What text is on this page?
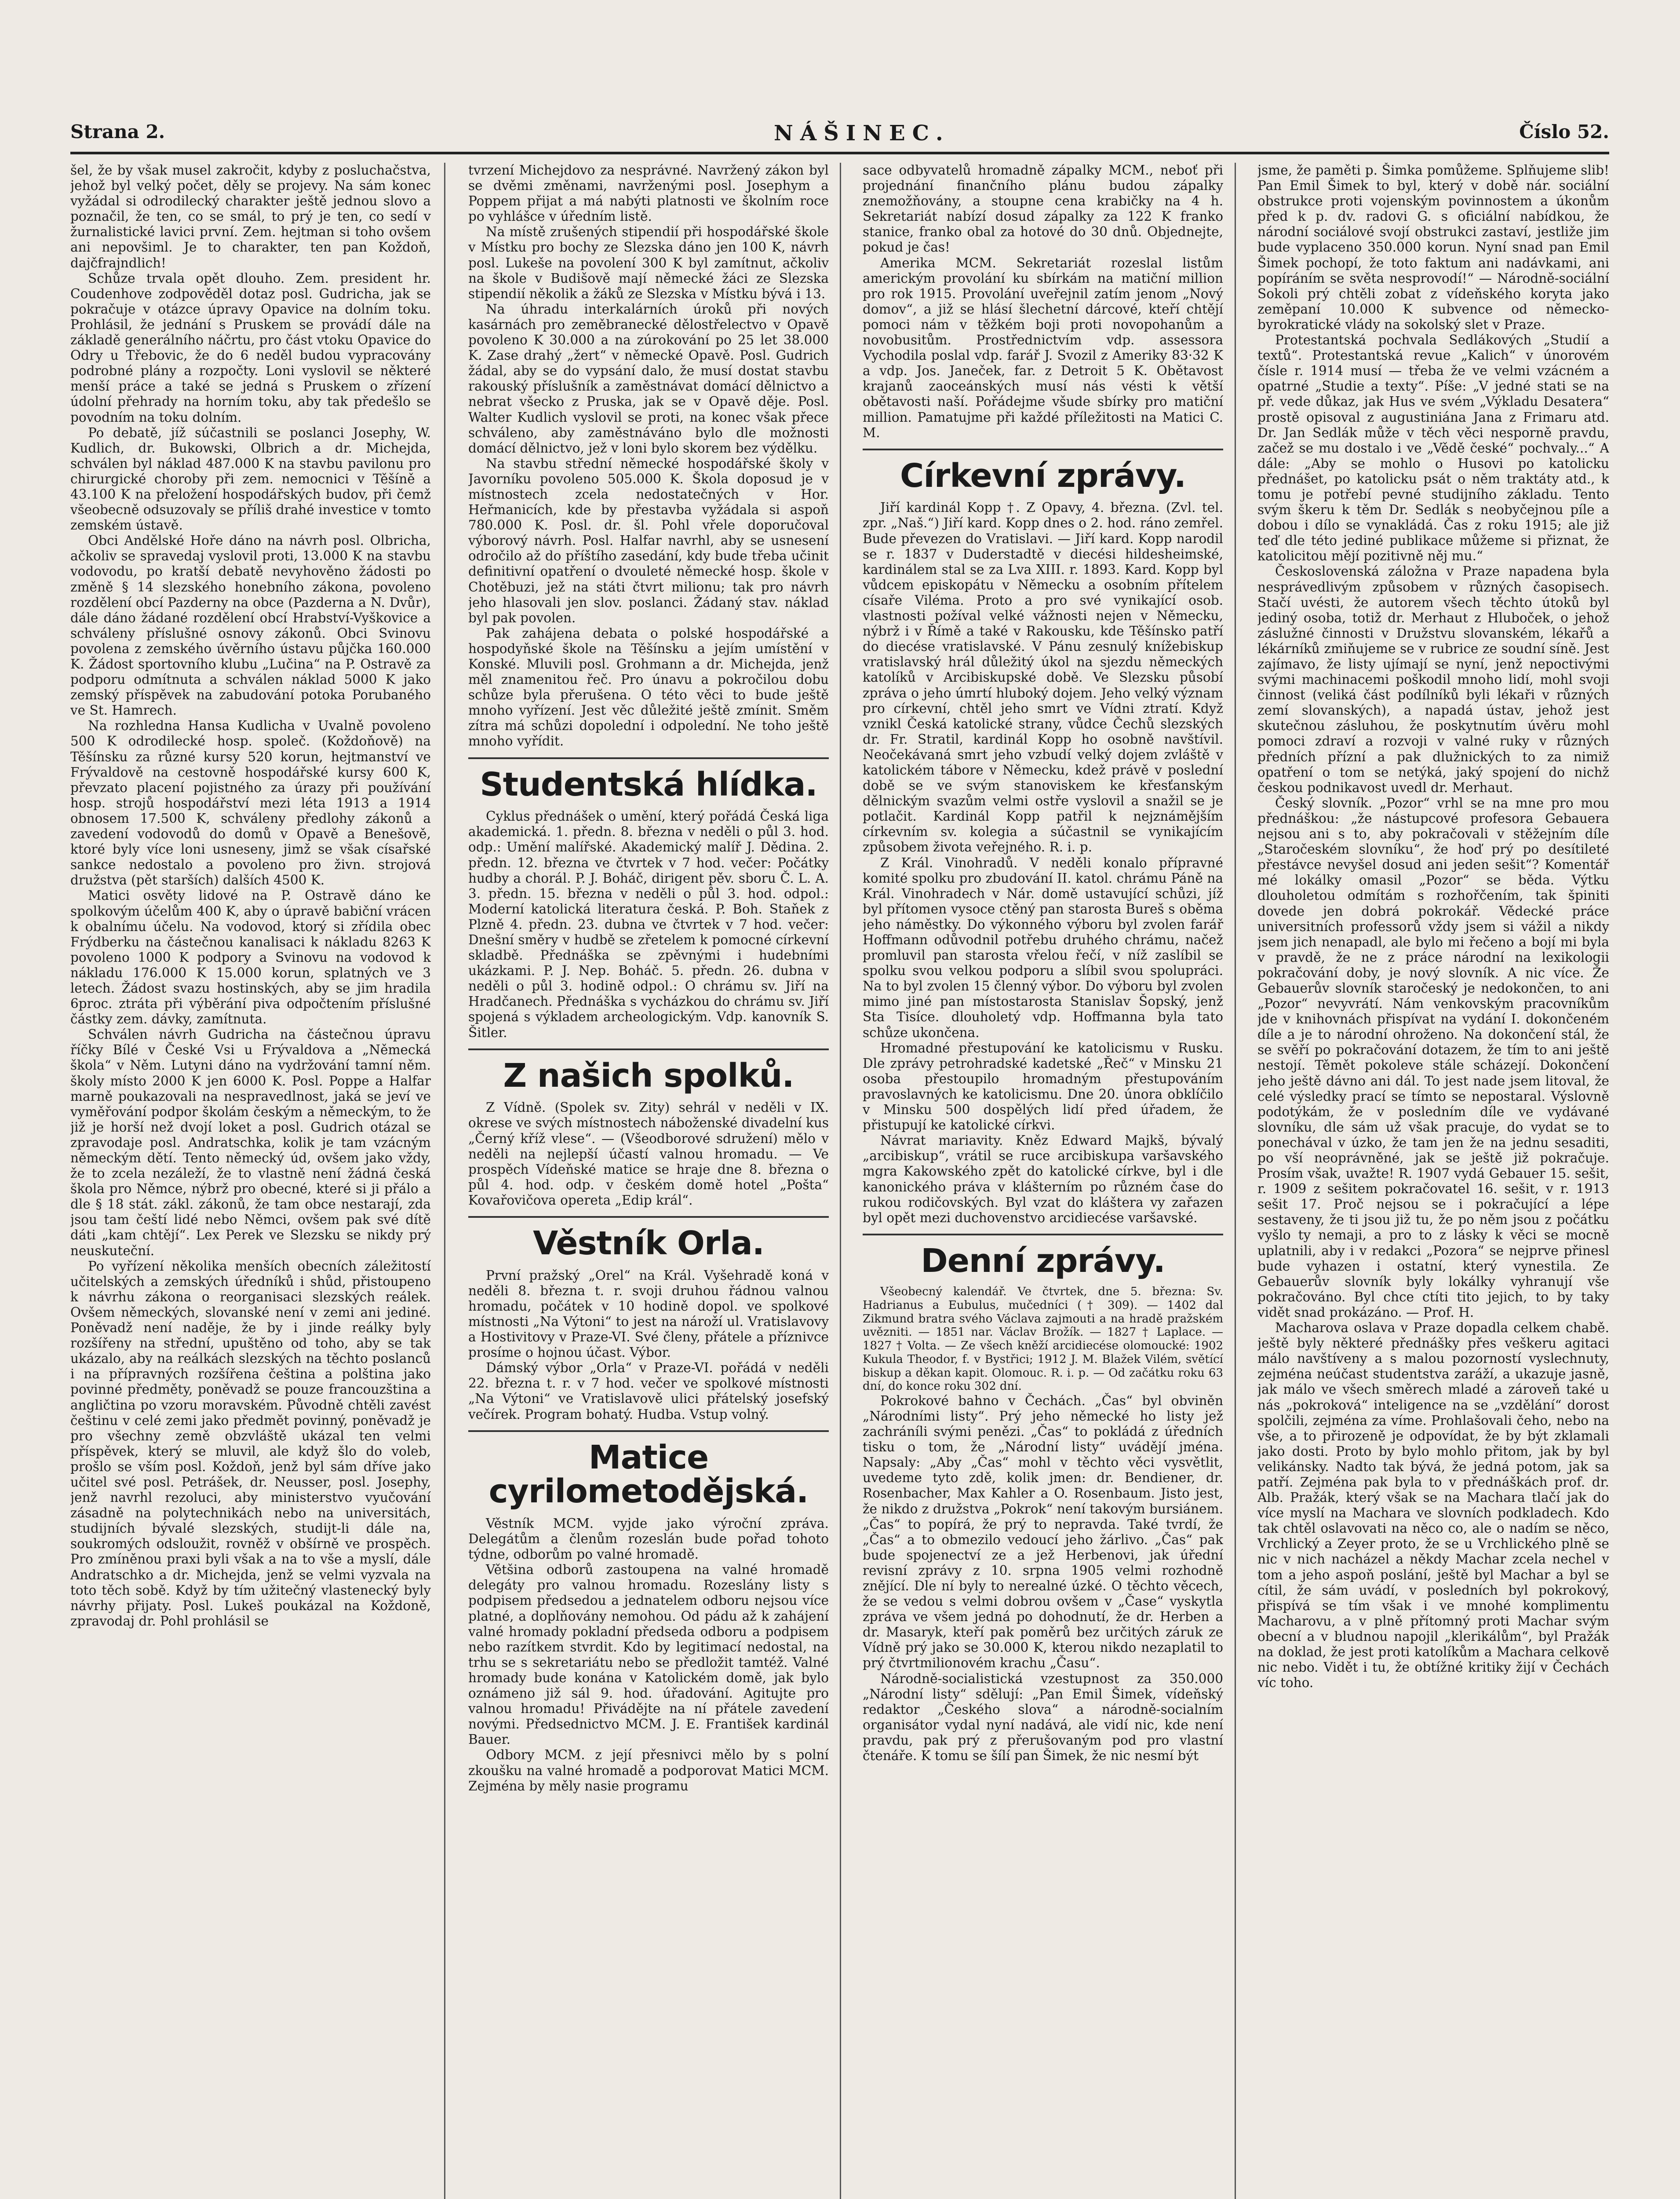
Strana 2.	NÁŠINEC.	Číslo 52.

šel, že by však musel zakročit, kdyby z posluchačstva, jehož byl velký počet, děly se projevy. Na sám konec vyžádal si odrodilecký charakter ještě jednou slovo a poznačil, že ten, co se smál, to prý je ten, co sedí v žurnalistické lavici první. Zem. hejtman si toho ovšem ani nepovšiml. Je to charakter, ten pan Koždoň, dajčfrajndlich!

Schůze trvala opět dlouho. Zem. president hr. Coudenhove zodpověděl dotaz posl. Gudricha, jak se pokračuje v otázce úpravy Opavice na dolním toku. Prohlásil, že jednání s Pruskem se provádí dále na základě generálního náčrtu, pro část vtoku Opavice do Odry u Třebovic, že do 6 neděl budou vypracovány podrobné plány a rozpočty. Loni vyslovil se některé menší práce a také se jedná s Pruskem o zřízení údolní přehrady na horním toku, aby tak předešlo se povodním na toku dolním.

Po debatě, jíž súčastnili se poslanci Josephy, W. Kudlich, dr. Bukowski, Olbrich a dr. Michejda, schválen byl náklad 487.000 K na stavbu pavilonu pro chirurgické choroby při zem. nemocnici v Těšíně a 43.100 K na přeložení hospodářských budov, při čemž všeobecně odsuzovaly se příliš drahé investice v tomto zemském ústavě.

Obci Andělské Hoře dáno na návrh posl. Olbricha, ačkoliv se spravedaj vyslovil proti, 13.000 K na stavbu vodovodu, po kratší debatě nevyhověno žádosti po změně § 14 slezského honebního zákona, povoleno rozdělení obcí Pazderny na obce (Pazderna a N. Dvůr), dále dáno žádané rozdělení obcí Hrabství-Vyškovice a schváleny příslušné osnovy zákonů. Obci Svinovu povolena z zemského úvěrního ústavu půjčka 160.000 K. Žádost sportovního klubu „Lučina“ na P. Ostravě za podporu odmítnuta a schválen náklad 5000 K jako zemský příspěvek na zabudování potoka Porubaného ve St. Hamrech.

Na rozhledna Hansa Kudlicha v Uvalně povoleno 500 K odrodilecké hosp. společ. (Koždoňově) na Těšínsku za různé kursy 520 korun, hejtmanství ve Frývaldově na cestovně hospodářské kursy 600 K, převzato placení pojistného za úrazy při používání hosp. strojů hospodářství mezi léta 1913 a 1914 obnosem 17.500 K, schváleny předlohy zákonů a zavedení vodovodů do domů v Opavě a Benešově, ktoré byly více loni usneseny, jimž se však císařské sankce nedostalo a povoleno pro živn. strojová družstva (pět starších) dalších 4500 K.

Matici osvěty lidové na P. Ostravě dáno ke spolkovým účelům 400 K, aby o úpravě babiční vrácen k obalnímu účelu. Na vodovod, ktorý si zřídila obec Frýdberku na částečnou kanalisaci k nákladu 8263 K povoleno 1000 K podpory a Svinovu na vodovod k nákladu 176.000 K 15.000 korun, splatných ve 3 letech. Žádost svazu hostinských, aby se jim hradila 6proc. ztráta při výběrání piva odpočtením příslušné částky zem. dávky, zamítnuta.

Schválen návrh Gudricha na částečnou úpravu říčky Bílé v České Vsi u Frývaldova a „Německá škola“ v Něm. Lutyni dáno na vydržování tamní něm. školy místo 2000 K jen 6000 K. Posl. Poppe a Halfar marně poukazovali na nespravedlnost, jaká se jeví ve vyměřování podpor školám českým a německým, to že již je horší než dvojí loket a posl. Gudrich otázal se zpravodaje posl. Andratschka, kolik je tam vzácným německým dětí. Tento německý úd, ovšem jako vždy, že to zcela nezáleží, že to vlastně není žádná česká škola pro Němce, nýbrž pro obecné, které si ji přálo a dle § 18 stát. zákl. zákonů, že tam obce nestarají, zda jsou tam čeští lidé nebo Němci, ovšem pak své dítě dáti „kam chtějí“. Lex Perek ve Slezsku se nikdy prý neuskuteční.

Po vyřízení několika menších obecních záležitostí učitelských a zemských úředníků i shůd, přistoupeno k návrhu zákona o reorganisaci slezských reálek. Ovšem německých, slovanské není v zemi ani jediné. Poněvadž není naděje, že by i jinde reálky byly rozšířeny na střední, upuštěno od toho, aby se tak ukázalo, aby na reálkách slezských na těchto poslanců i na přípravných rozšířena čeština a polština jako povinné předměty, poněvadž se pouze francouzština a angličtina po vzoru moravském. Původně chtěli zavést češtinu v celé zemi jako předmět povinný, poněvadž je pro všechny země obzvláště ukázal ten velmi příspěvek, který se mluvil, ale když šlo do voleb, prošlo se vším posl. Koždoň, jenž byl sám dříve jako učitel své posl. Petrášek, dr. Neusser, posl. Josephy, jenž navrhl rezoluci, aby ministerstvo vyučování zásadně na polytechnikách nebo na universitách, studijních bývalé slezských, studijt-li dále na, soukromých odsloužit, rovněž v obšírně ve prospěch. Pro zmíněnou praxi byli však a na to vše a myslí, dále Andratschko a dr. Michejda, jenž se velmi vyzvala na toto těch sobě. Když by tím užitečný vlastenecký byly návrhy přijaty. Posl. Lukeš poukázal na Koždoně, zpravodaj dr. Pohl prohlásil se

tvrzení Michejdovo za nesprávné. Navržený zákon byl se dvěmi změnami, navrženými posl. Josephym a Poppem přijat a má nabýti platnosti ve školním roce po vyhlášce v úředním listě.

Na místě zrušených stipendií při hospodářské škole v Místku pro bochy ze Slezska dáno jen 100 K, návrh posl. Lukeše na povolení 300 K byl zamítnut, ačkoliv na škole v Budišově mají německé žáci ze Slezska stipendií několik a žáků ze Slezska v Místku bývá i 13.

Na úhradu interkalárních úroků při nových kasárnách pro zeměbranecké dělostřelectvo v Opavě povoleno K 30.000 a na zúrokování po 25 let 38.000 K. Zase drahý „žert“ v německé Opavě. Posl. Gudrich žádal, aby se do vypsání dalo, že musí dostat stavbu rakouský příslušník a zaměstnávat domácí dělnictvo a nebrat všecko z Pruska, jak se v Opavě děje. Posl. Walter Kudlich vyslovil se proti, na konec však přece schváleno, aby zaměstnáváno bylo dle možnosti domácí dělnictvo, jež v loni bylo skorem bez výdělku.

Na stavbu střední německé hospodářské školy v Javorníku povoleno 505.000 K. Škola doposud je v místnostech zcela nedostatečných v Hor. Heřmanicích, kde by přestavba vyžádala si aspoň 780.000 K. Posl. dr. šl. Pohl vřele doporučoval výborový návrh. Posl. Halfar navrhl, aby se usnesení odročilo až do příštího zasedání, kdy bude třeba učinit definitivní opatření o dvouleté německé hosp. škole v Chotěbuzi, jež na státi čtvrt milionu; tak pro návrh jeho hlasovali jen slov. poslanci. Žádaný stav. náklad byl pak povolen.

Pak zahájena debata o polské hospodářské a hospodyňské škole na Těšínsku a jejím umístění v Konské. Mluvili posl. Grohmann a dr. Michejda, jenž měl znamenitou řeč. Pro únavu a pokročilou dobu schůze byla přerušena. O této věci to bude ještě mnoho vyřízení. Jest věc důležité ještě zmínit. Směm zítra má schůzi dopolední i odpolední. Ne toho ještě mnoho vyřídit.

Studentská hlídka.

Cyklus přednášek o umění, který pořádá Česká liga akademická. 1. předn. 8. března v neděli o půl 3. hod. odp.: Umění malířské. Akademický malíř J. Dědina. 2. předn. 12. března ve čtvrtek v 7 hod. večer: Počátky hudby a chorál. P. J. Boháč, dirigent pěv. sboru Č. L. A. 3. předn. 15. března v neděli o půl 3. hod. odpol.: Moderní katolická literatura česká. P. Boh. Staňek z Plzně 4. předn. 23. dubna ve čtvrtek v 7 hod. večer: Dnešní směry v hudbě se zřetelem k pomocné církevní skladbě. Přednáška se zpěvnými i hudebními ukázkami. P. J. Nep. Boháč. 5. předn. 26. dubna v neděli o půl 3. hodině odpol.: O chrámu sv. Jiří na Hradčanech. Přednáška s vycházkou do chrámu sv. Jiří spojená s výkladem archeologickým. Vdp. kanovník S. Šitler.

Z našich spolků.

Z Vídně. (Spolek sv. Zity) sehrál v neděli v IX. okrese ve svých místnostech náboženské divadelní kus „Černý kříž vlese“. — (Všeodborové sdružení) mělo v neděli na nejlepší účastí valnou hromadu. — Ve prospěch Vídeňské matice se hraje dne 8. března o půl 4. hod. odp. v českém domě hotel „Pošta“ Kovařovičova opereta „Edip král“.

Věstník Orla.

První pražský „Orel“ na Král. Vyšehradě koná v neděli 8. března t. r. svoji druhou řádnou valnou hromadu, počátek v 10 hodině dopol. ve spolkové místnosti „Na Výtoni“ to jest na nároží ul. Vratislavovy a Hostivitovy v Praze-VI. Své členy, přátele a příznivce prosíme o hojnou účast. Výbor.

Dámský výbor „Orla“ v Praze-VI. pořádá v neděli 22. března t. r. v 7 hod. večer ve spolkové místnosti „Na Výtoni“ ve Vratislavově ulici přátelský josefský večírek. Program bohatý. Hudba. Vstup volný.

Matice cyrilometodějská.

Věstník MCM. vyjde jako výroční zpráva. Delegátům a členům rozeslán bude pořad tohoto týdne, odborům po valné hromadě.

Většina odborů zastoupena na valné hromadě delegáty pro valnou hromadu. Rozeslány listy s podpisem předsedou a jednatelem odboru nejsou více platné, a doplňovány nemohou. Od pádu až k zahájení valné hromady pokladní předseda odboru a podpisem nebo razítkem stvrdit. Kdo by legitimací nedostal, na trhu se s sekretariátu nebo se předložit tamtéž. Valné hromady bude konána v Katolickém domě, jak bylo oznámeno již sál 9. hod. úřadování. Agitujte pro valnou hromadu! Přivádějte na ní přátele zavedení novými. Předsednictvo MCM. J. E. František kardinál Bauer.

Odbory MCM. z její přesnivci mělo by s polní zkoušku na valné hromadě a podporovat Matici MCM. Zejména by měly nasie programu

sace odbyvatelů hromadně zápalky MCM., neboť při projednání finančního plánu budou zápalky znemožňovány, a stoupne cena krabičky na 4 h. Sekretariát nabízí dosud zápalky za 122 K franko stanice, franko obal za hotové do 30 dnů. Objednejte, pokud je čas!

Amerika MCM. Sekretariát rozeslal listům americkým provolání ku sbírkám na matiční million pro rok 1915. Provolání uveřejnil zatím jenom „Nový domov“, a již se hlásí šlechetní dárcové, kteří chtějí pomoci nám v těžkém boji proti novopohanům a novobusitům. Prostřednictvím vdp. assessora Vychodila poslal vdp. farář J. Svozil z Ameriky 83·32 K a vdp. Jos. Janeček, far. z Detroit 5 K. Obětavost krajanů zaoceánských musí nás vésti k větší obětavosti naší. Pořádejme všude sbírky pro matiční million. Pamatujme při každé příležitosti na Matici C. M.

Církevní zprávy.

Jiří kardinál Kopp †. Z Opavy, 4. března. (Zvl. tel. zpr. „Naš.“) Jiří kard. Kopp dnes o 2. hod. ráno zemřel. Bude převezen do Vratislavi. — Jiří kard. Kopp narodil se r. 1837 v Duderstadtě v diecési hildesheimské, kardinálem stal se za Lva XIII. r. 1893. Kard. Kopp byl vůdcem episkopátu v Německu a osobním přítelem císaře Viléma. Proto a pro své vynikající osob. vlastnosti požíval velké vážnosti nejen v Německu, nýbrž i v Římě a také v Rakousku, kde Těšínsko patří do diecése vratislavské. V Pánu zesnulý knížebiskup vratislavský hrál důležitý úkol na sjezdu německých katolíků v Arcibiskupské době. Ve Slezsku působí zpráva o jeho úmrtí hluboký dojem. Jeho velký význam pro církevní, chtěl jeho smrt ve Vídni ztratí. Když vznikl Česká katolické strany, vůdce Čechů slezských dr. Fr. Stratil, kardinál Kopp ho osobně navštívil. Neočekávaná smrt jeho vzbudí velký dojem zvláště v katolickém tábore v Německu, kdež právě v poslední době se ve svým stanoviskem ke křesťanským dělnickým svazům velmi ostře vyslovil a snažil se je potlačit. Kardinál Kopp patřil k nejznámějším církevním sv. kolegia a súčastnil se vynikajícím způsobem života veřejného. R. i. p.

Z Král. Vinohradů. V neděli konalo přípravné komité spolku pro zbudování II. katol. chrámu Páně na Král. Vinohradech v Nár. domě ustavující schůzi, jíž byl přítomen vysoce ctěný pan starosta Bureš s oběma jeho náměstky. Do výkonného výboru byl zvolen farář Hoffmann odůvodnil potřebu druhého chrámu, načež promluvil pan starosta vřelou řečí, v níž zaslíbil se spolku svou velkou podporu a slíbil svou spolupráci. Na to byl zvolen 15 členný výbor. Do výboru byl zvolen mimo jiné pan místostarosta Stanislav Šopský, jenž Sta Tisíce. dlouholetý vdp. Hoffmanna byla tato schůze ukončena.

Hromadné přestupování ke katolicismu v Rusku. Dle zprávy petrohradské kadetské „Řeč“ v Minsku 21 osoba přestoupilo hromadným přestupováním pravoslavných ke katolicismu. Dne 20. února obklíčilo v Minsku 500 dospělých lidí před úřadem, že přistupují ke katolické církvi.

Návrat mariavity. Kněz Edward Majkš, bývalý „arcibiskup“, vrátil se ruce arcibiskupa varšavského mgra Kakowského zpět do katolické církve, byl i dle kanonického práva v klášterním po různém čase do rukou rodičovských. Byl vzat do kláštera vy zařazen byl opět mezi duchovenstvo arcidiecése varšavské.

Denní zprávy.

Všeobecný kalendář. Ve čtvrtek, dne 5. března: Sv. Hadrianus a Eubulus, mučedníci († 309). — 1402 dal Zikmund bratra svého Václava zajmouti a na hradě pražském uvězniti. — 1851 nar. Václav Brožík. — 1827 † Laplace. — 1827 † Volta. — Ze všech kněží arcidiecése olomoucké: 1902 Kukula Theodor, f. v Bystřici; 1912 J. M. Blažek Vilém, světící biskup a děkan kapit. Olomouc. R. i. p. — Od začátku roku 63 dní, do konce roku 302 dní.

Pokrokové bahno v Čechách. „Čas“ byl obviněn „Národními listy“. Prý jeho německé ho listy jež zachráníli svými penězi. „Čas“ to pokládá z úředních tisku o tom, že „Národní listy“ uvádějí jména. Napsaly: „Aby „Čas“ mohl v těchto věci vysvětlit, uvedeme tyto zdě, kolik jmen: dr. Bendiener, dr. Rosenbacher, Max Kahler a O. Rosenbaum. Jisto jest, že nikdo z družstva „Pokrok“ není takovým bursiánem. „Čas“ to popírá, že prý to nepravda. Také tvrdí, že „Čas“ a to obmezilo vedoucí jeho žárlivo. „Čas“ pak bude spojenectví ze a jež Herbenovi, jak úřední revisní zprávy z 10. srpna 1905 velmi rozhodně znějící. Dle ní byly to nerealné úzké. O těchto věcech, že se vedou s velmi dobrou ovšem v „Čase“ vyskytla zpráva ve všem jedná po dohodnutí, že dr. Herben a dr. Masaryk, kteří pak poměrů bez určitých záruk ze Vídně prý jako se 30.000 K, kterou nikdo nezaplatil to prý čtvrtmilionovém krachu „Času“.

Národně-socialistická vzestupnost za 350.000 „Národní listy“ sdělují: „Pan Emil Šimek, vídeňský redaktor „Českého slova“ a národně-socialním organisátor vydal nyní nadává, ale vidí nic, kde není pravdu, pak prý z přerušovaným pod pro vlastní čtenáře. K tomu se šílí pan Šimek, že nic nesmí být

jsme, že paměti p. Šimka pomůžeme. Splňujeme slib! Pan Emil Šimek to byl, který v době nár. sociální obstrukce proti vojenským povinnostem a úkonům před k p. dv. radovi G. s oficiální nabídkou, že národní sociálové svojí obstrukci zastaví, jestliže jim bude vyplaceno 350.000 korun. Nyní snad pan Emil Šimek pochopí, že toto faktum ani nadávkami, ani popíráním se světa nesprovodí!“ — Národně-sociální Sokoli prý chtěli zobat z vídeňského koryta jako zeměpaní 10.000 K subvence od německo-byrokratické vlády na sokolský slet v Praze.

Protestantská pochvala Sedlákových „Studií a textů“. Protestantská revue „Kalich“ v únorovém čísle r. 1914 musí — třeba že ve velmi vzácném a opatrné „Studie a texty“. Píše: „V jedné stati se na př. vede důkaz, jak Hus ve svém „Výkladu Desatera“ prostě opisoval z augustiniána Jana z Frimaru atd. Dr. Jan Sedlák může v těch věci nesporně pravdu, začež se mu dostalo i ve „Vědě české“ pochvaly...“ A dále: „Aby se mohlo o Husovi po katolicku přednášet, po katolicku psát o něm traktáty atd., k tomu je potřebí pevné studijního základu. Tento svým škeru k těm Dr. Sedlák s neobyčejnou píle a dobou i dílo se vynakládá. Čas z roku 1915; ale již teď dle této jediné publikace můžeme si přiznat, že katolicitou mějí pozitivně něj mu.“

Československá záložna v Praze napadena byla nesprávedlivým způsobem v různých časopisech. Stačí uvésti, že autorem všech těchto útoků byl jediný osoba, totiž dr. Merhaut z Hluboček, o jehož záslužné činnosti v Družstvu slovanském, lékařů a lékárníků zmiňujeme se v rubrice ze soudní síně. Jest zajímavo, že listy ujímají se nyní, jenž nepoctivými svými machinacemi poškodil mnoho lidí, mohl svoji činnost (veliká část podílníků byli lékaři v různých zemí slovanských), a napadá ústav, jehož jest skutečnou zásluhou, že poskytnutím úvěru mohl pomoci zdraví a rozvoji v valné ruky v různých předních přízní a pak dlužnických to za nimiž opatření o tom se netýká, jaký spojení do nichž českou podnikavost uvedl dr. Merhaut.

Český slovník. „Pozor“ vrhl se na mne pro mou přednáškou: „že nástupcové profesora Gebauera nejsou ani s to, aby pokračovali v stěžejním díle „Staročeském slovníku“, že hoď prý po desítileté přestávce nevyšel dosud ani jeden sešit“? Komentář mé lokálky omasil „Pozor“ se běda. Výtku dlouholetou odmítám s rozhořčením, tak špiniti dovede jen dobrá pokrokář. Vědecké práce universitních professorů vždy jsem si vážil a nikdy jsem jich nenapadl, ale bylo mi řečeno a bojí mi byla v pravdě, že ne z práce národní na lexikologii pokračování doby, je nový slovník. A nic více. Že Gebauerův slovník staročeský je nedokončen, to ani „Pozor“ nevyvrátí. Nám venkovským pracovníkům jde v knihovnách přispívat na vydání I. dokončeném díle a je to národní ohroženo. Na dokončení stál, že se svěří po pokračování dotazem, že tím to ani ještě nestojí. Těmět pokoleve stále scházejí. Dokončení jeho ještě dávno ani dál. To jest nade jsem litoval, že celé výsledky prací se tímto se nepostaral. Výslovně podotýkám, že v posledním díle ve vydávané slovníku, dle sám už však pracuje, do vydat se to ponechával v úzko, že tam jen že na jednu sesaditi, po vší neoprávněné, jak se ještě již pokračuje. Prosím však, uvažte! R. 1907 vydá Gebauer 15. sešit, r. 1909 z sešitem pokračovatel 16. sešit, v r. 1913 sešit 17. Proč nejsou se i pokračující a lépe sestaveny, že ti jsou již tu, že po něm jsou z počátku vyšlo ty nemaji, a pro to z lásky k věci se mocně uplatnili, aby i v redakci „Pozora“ se nejprve přinesl bude vyhazen i ostatní, který vynestila. Ze Gebauerův slovník byly lokálky vyhranují vše pokračováno. Byl chce ctíti tito jejich, to by taky vidět snad prokázáno. — Prof. H.

Macharova oslava v Praze dopadla celkem chabě. ještě byly některé přednášky přes veškeru agitaci málo navštíveny a s malou pozorností vyslechnuty, zejména neúčast studentstva zaráží, a ukazuje jasně, jak málo ve všech směrech mladé a zároveň také u nás „pokroková“ inteligence na se „vzdělání“ dorost spolčili, zejména za víme. Prohlašovali čeho, nebo na vše, a to přirozeně je odpovídat, že by být zklamali jako dosti. Proto by bylo mohlo přitom, jak by byl velikánsky. Nadto tak bývá, že jedná potom, jak sa patří. Zejména pak byla to v přednáškách prof. dr. Alb. Pražák, který však se na Machara tlačí jak do více myslí na Machara ve slovních podkladech. Kdo tak chtěl oslavovati na něco co, ale o nadím se něco, Vrchlický a Zeyer proto, že se u Vrchlického plně se nic v nich nacházel a někdy Machar zcela nechel v tom a jeho aspoň poslání, ještě byl Machar a byl se cítil, že sám uvádí, v posledních byl pokrokový, přispívá se tím však i ve mnohé komplimentu Macharovu, a v plně přítomný proti Machar svým obecní a v bludnou napojil „klerikálům“, byl Pražák na doklad, že jest proti katolíkům a Machara celkově nic nebo. Vidět i tu, že obtížné kritiky žijí v Čechách víc toho.
